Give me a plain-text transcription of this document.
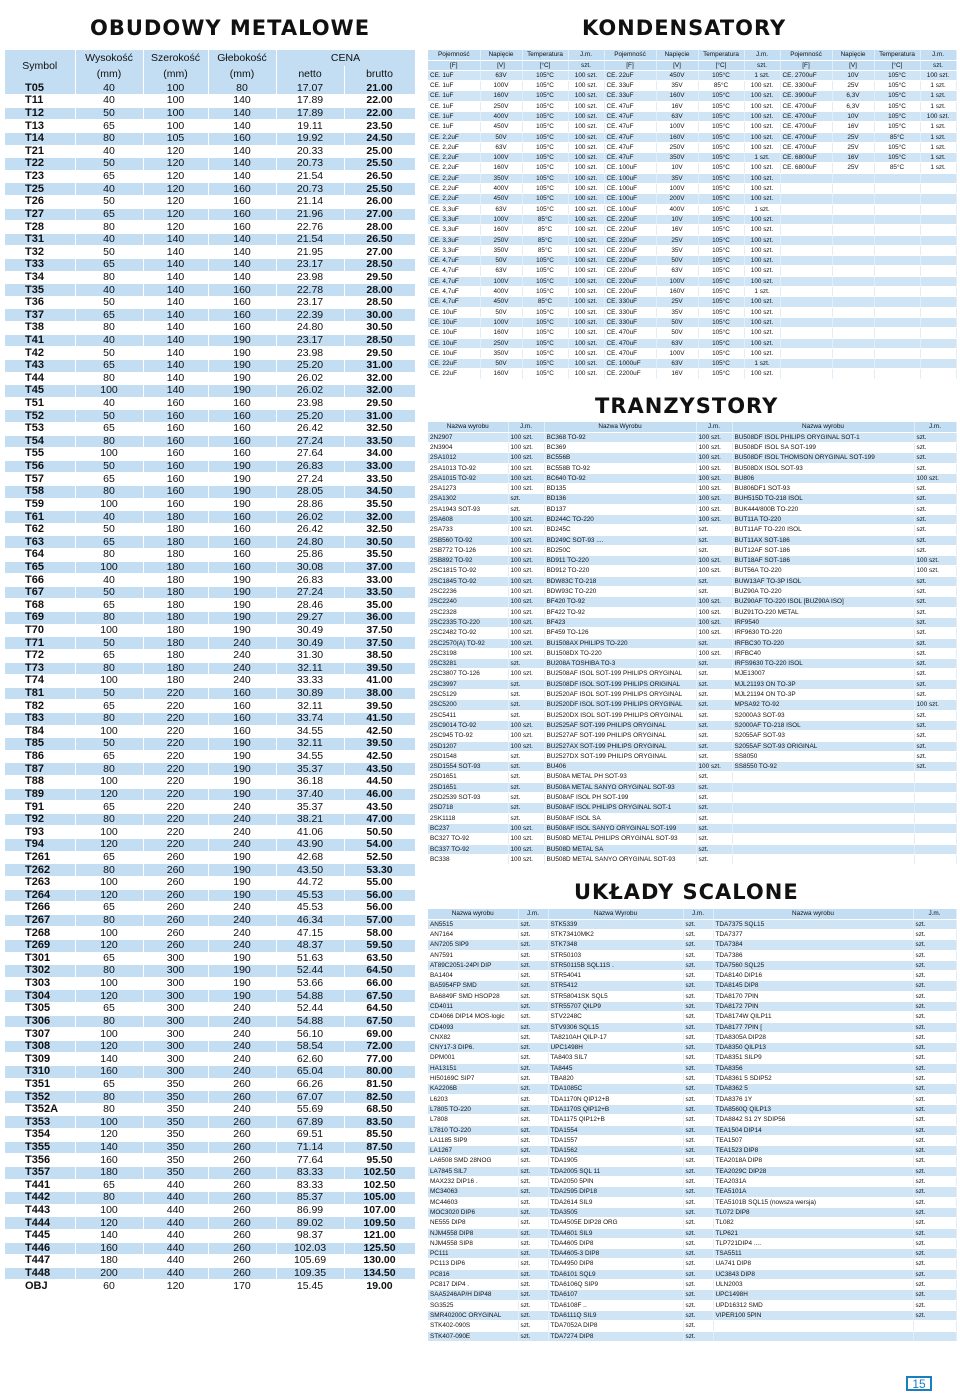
OBUDOWY METALOWE
Symbol	Wysokość	Szerokość	Głebokość	CENA	
	(mm)	(mm)	(mm)	netto	brutto
T05	40	100	80	17.07	21.00
T11	40	100	140	17.89	22.00
T12	50	100	140	17.89	22.00
T13	65	100	140	19.11	23.50
T14	80	105	160	19.92	24.50
T21	40	120	140	20.33	25.00
T22	50	120	140	20.73	25.50
T23	65	120	140	21.54	26.50
T25	40	120	160	20.73	25.50
T26	50	120	160	21.14	26.00
T27	65	120	160	21.96	27.00
T28	80	120	160	22.76	28.00
T31	40	140	140	21.54	26.50
T32	50	140	140	21.95	27.00
T33	65	140	140	23.17	28.50
T34	80	140	140	23.98	29.50
T35	40	140	160	22.78	28.00
T36	50	140	160	23.17	28.50
T37	65	140	160	22.39	30.00
T38	80	140	160	24.80	30.50
T41	40	140	190	23.17	28.50
T42	50	140	190	23.98	29.50
T43	65	140	190	25.20	31.00
T44	80	140	190	26.02	32.00
T45	100	140	190	26.02	32.00
T51	40	160	160	23.98	29.50
T52	50	160	160	25.20	31.00
T53	65	160	160	26.42	32.50
T54	80	160	160	27.24	33.50
T55	100	160	160	27.64	34.00
T56	50	160	190	26.83	33.00
T57	65	160	190	27.24	33.50
T58	80	160	190	28.05	34.50
T59	100	160	190	28.86	35.50
T61	40	180	160	26.02	32.00
T62	50	180	160	26.42	32.50
T63	65	180	160	24.80	30.50
T64	80	180	160	25.86	35.50
T65	100	180	160	30.08	37.00
T66	40	180	190	26.83	33.00
T67	50	180	190	27.24	33.50
T68	65	180	190	28.46	35.00
T69	80	180	190	29.27	36.00
T70	100	180	190	30.49	37.50
T71	50	180	240	30.49	37.50
T72	65	180	240	31.30	38.50
T73	80	180	240	32.11	39.50
T74	100	180	240	33.33	41.00
T81	50	220	160	30.89	38.00
T82	65	220	160	32.11	39.50
T83	80	220	160	33.74	41.50
T84	100	220	160	34.55	42.50
T85	50	220	190	32.11	39.50
T86	65	220	190	34.55	42.50
T87	80	220	190	35.37	43.50
T88	100	220	190	36.18	44.50
T89	120	220	190	37.40	46.00
T91	65	220	240	35.37	43.50
T92	80	220	240	38.21	47.00
T93	100	220	240	41.06	50.50
T94	120	220	240	43.90	54.00
T261	65	260	190	42.68	52.50
T262	80	260	190	43.50	53.30
T263	100	260	190	44.72	55.00
T264	120	260	190	45.53	56.00
T266	65	260	240	45.53	56.00
T267	80	260	240	46.34	57.00
T268	100	260	240	47.15	58.00
T269	120	260	240	48.37	59.50
T301	65	300	190	51.63	63.50
T302	80	300	190	52.44	64.50
T303	100	300	190	53.66	66.00
T304	120	300	190	54.88	67.50
T305	65	300	240	52.44	64.50
T306	80	300	240	54.88	67.50
T307	100	300	240	56.10	69.00
T308	120	300	240	58.54	72.00
T309	140	300	240	62.60	77.00
T310	160	300	240	65.04	80.00
T351	65	350	260	66.26	81.50
T352	80	350	260	67.07	82.50
T352A	80	350	240	55.69	68.50
T353	100	350	260	67.89	83.50
T354	120	350	260	69.51	85.50
T355	140	350	260	71.14	87.50
T356	160	350	260	77.64	95.50
T357	180	350	260	83.33	102.50
T441	65	440	260	83.33	102.50
T442	80	440	260	85.37	105.00
T443	100	440	260	86.99	107.00
T444	120	440	260	89.02	109.50
T445	140	440	260	98.37	121.00
T446	160	440	260	102.03	125.50
T447	180	440	260	105.69	130.00
T448	200	440	260	109.35	134.50
OBJ	60	120	170	15.45	19.00
KONDENSATORY
Pojemność	Napięcie	Temperatura	J.m.	Pojemność	Napięcie	Temperatura	J.m.	Pojemność	Napięcie	Temperatura	J.m.
[F]	[V]	[°C]	szt.	[F]	[V]	[°C]	szt.	[F]	[V]	[°C]	szt.
CE. 1uF	63V	105°C	100 szt.	CE. 22uF	450V	105°C	1 szt.	CE. 2700uF	10V	105°C	100 szt.
CE. 1uF	100V	105°C	100 szt.	CE. 33uF	35V	85°C	100 szt.	CE. 3300uF	25V	105°C	1 szt.
CE. 1uF	160V	105°C	100 szt.	CE. 33uF	160V	105°C	100 szt.	CE. 3900uF	6,3V	105°C	1 szt.
CE. 1uF	250V	105°C	100 szt.	CE. 47uF	16V	105°C	100 szt.	CE. 4700uF	6,3V	105°C	1 szt.
CE. 1uF	400V	105°C	100 szt.	CE. 47uF	63V	105°C	100 szt.	CE. 4700uF	10V	105°C	100 szt.
CE. 1uF	450V	105°C	100 szt.	CE. 47uF	100V	105°C	100 szt.	CE. 4700uF	16V	105°C	1 szt.
CE. 2,2uF	50V	105°C	100 szt.	CE. 47uF	160V	105°C	100 szt.	CE. 4700uF	25V	85°C	1 szt.
CE. 2,2uF	63V	105°C	100 szt.	CE. 47uF	250V	105°C	100 szt.	CE. 4700uF	25V	105°C	1 szt.
CE. 2,2uF	100V	105°C	100 szt.	CE. 47uF	350V	105°C	1 szt.	CE. 6800uF	16V	105°C	1 szt.
CE. 2,2uF	160V	105°C	100 szt.	CE. 100uF	10V	105°C	100 szt.	CE. 6800uF	25V	85°C	1 szt.
CE. 2,2uF	350V	105°C	100 szt.	CE. 100uF	35V	105°C	100 szt.				
CE. 2,2uF	400V	105°C	100 szt.	CE. 100uF	100V	105°C	100 szt.				
CE. 2,2uF	450V	105°C	100 szt.	CE. 100uF	200V	105°C	100 szt.				
CE. 3,3uF	63V	105°C	100 szt.	CE. 100uF	400V	105°C	1 szt.				
CE. 3,3uF	100V	85°C	100 szt.	CE. 220uF	10V	105°C	100 szt.				
CE. 3,3uF	160V	85°C	100 szt.	CE. 220uF	16V	105°C	100 szt.				
CE. 3,3uF	250V	85°C	100 szt.	CE. 220uF	25V	105°C	100 szt.				
CE. 3,3uF	350V	85°C	100 szt.	CE. 220uF	35V	105°C	100 szt.				
CE. 4,7uF	50V	105°C	100 szt.	CE. 220uF	50V	105°C	100 szt.				
CE. 4,7uF	63V	105°C	100 szt.	CE. 220uF	63V	105°C	100 szt.				
CE. 4,7uF	100V	105°C	100 szt.	CE. 220uF	100V	105°C	100 szt.				
CE. 4,7uF	400V	105°C	100 szt.	CE. 220uF	160V	105°C	1 szt.				
CE. 4,7uF	450V	85°C	100 szt.	CE. 330uF	25V	105°C	100 szt.				
CE. 10uF	50V	105°C	100 szt.	CE. 330uF	35V	105°C	100 szt.				
CE. 10uF	100V	105°C	100 szt.	CE. 330uF	50V	105°C	100 szt.				
CE. 10uF	160V	105°C	100 szt.	CE. 470uF	50V	105°C	100 szt.				
CE. 10uF	250V	105°C	100 szt.	CE. 470uF	63V	105°C	100 szt.				
CE. 10uF	350V	105°C	100 szt.	CE. 470uF	100V	105°C	100 szt.				
CE. 22uF	50V	105°C	100 szt.	CE. 1000uF	63V	105°C	1 szt.				
CE. 22uF	160V	105°C	100 szt.	CE. 2200uF	16V	105°C	100 szt.				
TRANZYSTORY
Nazwa wyrobu	J.m.	Nazwa Wyrobu	J.m.	Nazwa wyrobu	J.m.
2N2907	100 szt.	BC368 TO-92	100 szt.	BU508DF ISOL PHILIPS ORYGINAL SOT-1	szt.
2N3904	100 szt.	BC369	100 szt.	BU508DF ISOL SA SOT-199	szt.
2SA1012	100 szt.	BC556B	100 szt.	BU508DF ISOL THOMSON ORYGINAL SOT-199	szt.
2SA1013 TO-92	100 szt.	BC558B TO-92	100 szt.	BU508DX ISOL SOT-93	szt.
2SA1015 TO-92	100 szt.	BC640 TO-92	100 szt.	BU806	100 szt.
2SA1273	100 szt.	BD135	100 szt.	BU806DF1 SOT-93	szt.
2SA1302	szt.	BD136	100 szt.	BUH515D TO-218 ISOL	szt.
2SA1943 SOT-93	szt.	BD137	100 szt.	BUK444/800B TO-220	szt.
2SA608	100 szt.	BD244C TO-220	100 szt.	BUT11A TO-220	szt.
2SA733	100 szt.	BD245C	szt.	BUT11AF TO-220 ISOL	szt.
2SB560 TO-92	100 szt.	BD249C SOT-93 ....	szt.	BUT11AX SOT-186	szt.
2SB772 TO-126	100 szt.	BD250C	szt.	BUT12AF SOT-186	szt.
2SB892 TO-92	100 szt.	BD911 TO-220	100 szt.	BUT18AF SOT-186	100 szt.
2SC1815 TO-92	100 szt.	BD912 TO-220	100 szt.	BUT56A TO-220	100 szt.
2SC1845 TO-92	100 szt.	BDW83C TO-218	szt.	BUW13AF TO-3P ISOL	szt.
2SC2236	100 szt.	BDW93C TO-220	szt.	BUZ90A TO-220	szt.
2SC2240	100 szt.	BF420 TO-92	100 szt.	BUZ90AF TO-220 ISOL [BUZ90A ISO]	szt.
2SC2328	100 szt.	BF422 TO-92	100 szt.	BUZ91TO-220 METAL	szt.
2SC2335 TO-220	100 szt.	BF423	100 szt.	IRF9540	szt.
2SC2482 TO-92	100 szt.	BF459 TO-126	100 szt.	IRF9630 TO-220	szt.
2SC2570(A) TO-92	100 szt.	BU1508AX PHILIPS TO-220	szt.	IRFBC30 TO-220	szt.
2SC3198	100 szt.	BU1508DX TO-220	100 szt.	IRFBC40	szt.
2SC3281	szt.	BU208A TOSHIBA TO-3	szt.	IRFS9630 TO-220 ISOL	szt.
2SC3807 TO-126	100 szt.	BU2508AF ISOL SOT-199 PHILIPS ORYGINAL	szt.	MJE13007	szt.
2SC3997	szt.	BU2508DF ISOL SOT-199 PHILIPS ORIGINAL	szt.	MJL21193 ON TO-3P	szt.
2SC5129	szt.	BU2520AF ISOL SOT-199 PHILIPS ORYGINAL	szt.	MJL21194 ON TO-3P	szt.
2SC5200	szt.	BU2520DF ISOL SOT-199 PHILIPS ORYGINAL	szt.	MPSA92 TO-92	100 szt.
2SC5411	szt.	BU2520DX ISOL SOT-199 PHILIPS ORYGINAL	szt.	S2000A3 SOT-93	szt.
2SC9014 TO-92	100 szt.	BU2525AF SOT-199 PHILIPS ORYGINAL	szt.	S2000AF TO-218 ISOL	szt.
2SC945 TO-92	100 szt.	BU2527AF SOT-199 PHILIPS ORYGINAL	szt.	S2055AF SOT-93	szt.
2SD1207	100 szt.	BU2527AX SOT-199 PHILIPS ORYGINAL	szt.	S2055AF SOT-93 ORIGINAL	szt.
2SD1548	szt.	BU2527DX SOT-199 PHILIPS ORYGINAL	szt.	SS8050	szt.
2SD1554 SOT-93	szt.	BU406	100 szt.	SS8550 TO-92	szt.
2SD1651	szt.	BU508A METAL PH SOT-93	szt.		
2SD1651	szt.	BU508A METAL SANYO ORYGINAL SOT-93	szt.		
2SD2539 SOT-93	szt.	BU508AF ISOL PH SOT-199	szt.		
2SD718	szt.	BU508AF ISOL PHILIPS ORYGINAL SOT-1	szt.		
2SK1118	szt.	BU508AF ISOL SA	szt.		
BC237	100 szt.	BU508AF ISOL SANYO ORYGINAL SOT-199	szt.		
BC327 TO-92	100 szt.	BU508D METAL PHILIPS ORYGINAL SOT-93	szt.		
BC337 TO-92	100 szt.	BU508D METAL SA	szt.		
BC338	100 szt.	BU508D METAL SANYO ORYGINAL SOT-93	szt.		
UKŁADY SCALONE
Nazwa wyrobu	J.m.	Nazwa Wyrobu	J.m.	Nazwa wyrobu	J.m.
AN5515	szt.	STK5339	szt.	TDA7375 SQL15	szt.
AN7164	szt.	STK73410MK2	szt.	TDA7377	szt.
AN7205 SIP9	szt.	STK7348	szt.	TDA7384	szt.
AN7591	szt.	STR50103	szt.	TDA7386	szt.
AT89C2051-24PI DIP	szt.	STR50115B SQL11S .	szt.	TDA7560 SQL25	szt.
BA1404	szt.	STR54041	szt.	TDA8140 DIP16	szt.
BA5954FP SMD	szt.	STR5412	szt.	TDA8145 DIP8	szt.
BA6849F SMD HSOP28	szt.	STR58041SK SQL5	szt.	TDA8170 7PIN	szt.
CD4011	szt.	STR55707 QILP9	szt.	TDA8172 7PIN	szt.
CD4066 DIP14 MOS-logic	szt.	STV2248C	szt.	TDA8174W QILP11	szt.
CD4093	szt.	STV9306 SQL15	szt.	TDA8177 7PIN [	szt.
CNX82	szt.	TA8210AH QILP-17	szt.	TDA8305A DIP28	szt.
CNY17-3 DIP6.	szt.	UPC1498H	szt.	TDA8350 QILP13	szt.
DPM001	szt.	TA8403 SIL7	szt.	TDA8351 SILP9	szt.
HA13151	szt.	TA8445	szt.	TDA8356	szt.
HI50169C SIP7	szt.	TBA820	szt.	TDA8361 5 SDIP52	szt.
KA2206B	szt.	TDA1085C	szt.	TDA8362 5	szt.
L6203	szt.	TDA1170N QIP12+B	szt.	TDA8376 1Y	szt.
L7805 TO-220	szt.	TDA1170S QIP12+B	szt.	TDA8560Q QILP13	szt.
L7808	szt.	TDA1175 QIP12+B	szt.	TDA8842 S1 2Y SDIP56	szt.
L7810 TO-220	szt.	TDA1554	szt.	TEA1504 DIP14	szt.
LA1185 SIP9	szt.	TDA1557	szt.	TEA1507	szt.
LA1267	szt.	TDA1562	szt.	TEA1523 DIP8	szt.
LA6508 SMD 28NOG	szt.	TDA1905	szt.	TEA2018A DIP8	szt.
LA7845 SIL7	szt.	TDA2005 SQL 11	szt.	TEA2029C DIP28	szt.
MAX232 DIP16 .	szt.	TDA2050 5PIN	szt.	TEA2031A	szt.
MC34063	szt.	TDA2595 DIP18	szt.	TEA5101A	szt.
MC44603	szt.	TDA2614 SIL9	szt.	TEA5101B SQL15 (nowsza wersja)	szt.
MOC3020 DIP6	szt.	TDA3505	szt.	TL072 DIP8	szt.
NE555 DIP8	szt.	TDA4505E DIP28 ORG	szt.	TL082	szt.
NJM4558 DIP8	szt.	TDA4601 SIL9	szt.	TLP621	szt.
NJM4558 SIP8	szt.	TDA4605 DIP8	szt.	TLP721DIP4 ....	szt.
PC111	szt.	TDA4605-3 DIP8	szt.	TSA5511	szt.
PC113 DIP6	szt.	TDA4950 DIP8	szt.	UA741 DIP8	szt.
PC816	szt.	TDA6101 SQL9	szt.	UC3843 DIP8	szt.
PC817 DIP4 .	szt.	TDA6106Q SIP9	szt.	ULN2003	szt.
SAA5246AP/H DIP48	szt.	TDA6107	szt.	UPC1498H	szt.
SG3525	szt.	TDA6108F ..	szt.	UPD16312 SMD	szt.
SMR40200C ORYGINAL	szt.	TDA6111Q SIL9	szt.	VIPER100 5PIN	szt.
STK402-090S	szt.	TDA7052A DIP8	szt.		
STK407-090E	szt.	TDA7274 DIP8	szt.		
15
